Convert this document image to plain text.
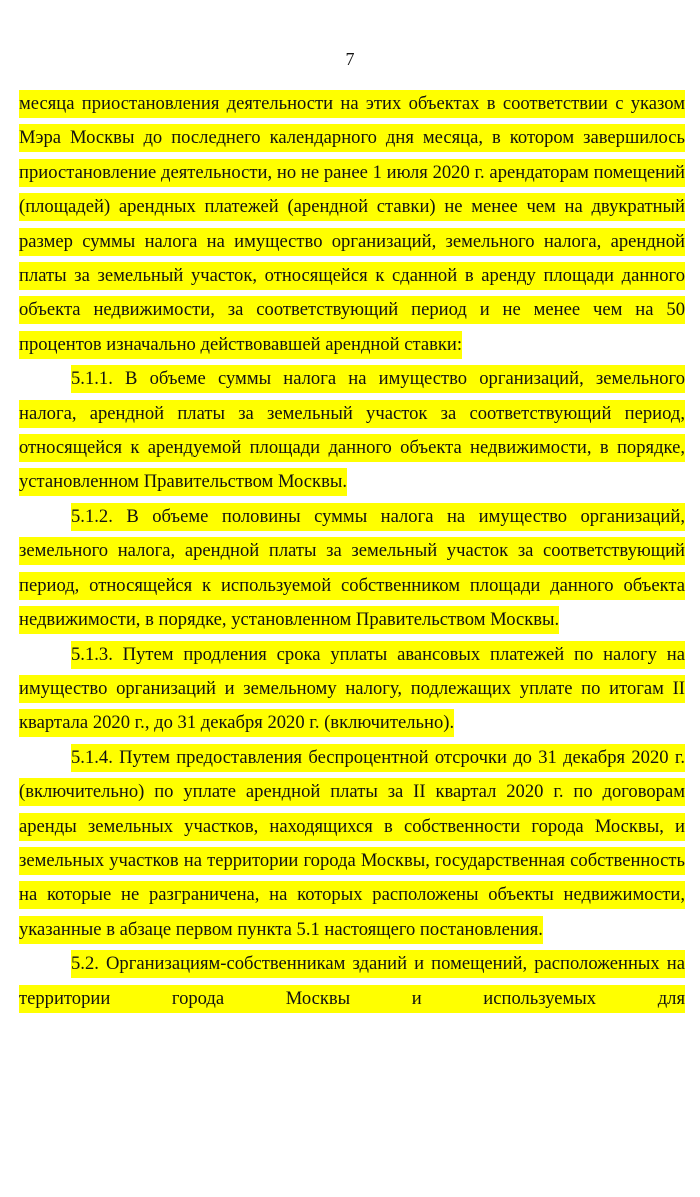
7

месяца приостановления деятельности на этих объектах в соответствии с указом Мэра Москвы до последнего календарного дня месяца, в котором завершилось приостановление деятельности, но не ранее 1 июля 2020 г. арендаторам помещений (площадей) арендных платежей (арендной ставки) не менее чем на двукратный размер суммы налога на имущество организаций, земельного налога, арендной платы за земельный участок, относящейся к сданной в аренду площади данного объекта недвижимости, за соответствующий период и не менее чем на 50 процентов изначально действовавшей арендной ставки:

5.1.1. В объеме суммы налога на имущество организаций, земельного налога, арендной платы за земельный участок за соответствующий период, относящейся к арендуемой площади данного объекта недвижимости, в порядке, установленном Правительством Москвы.

5.1.2. В объеме половины суммы налога на имущество организаций, земельного налога, арендной платы за земельный участок за соответствующий период, относящейся к используемой собственником площади данного объекта недвижимости, в порядке, установленном Правительством Москвы.

5.1.3. Путем продления срока уплаты авансовых платежей по налогу на имущество организаций и земельному налогу, подлежащих уплате по итогам II квартала 2020 г., до 31 декабря 2020 г. (включительно).

5.1.4. Путем предоставления беспроцентной отсрочки до 31 декабря 2020 г. (включительно) по уплате арендной платы за II квартал 2020 г. по договорам аренды земельных участков, находящихся в собственности города Москвы, и земельных участков на территории города Москвы, государственная собственность на которые не разграничена, на которых расположены объекты недвижимости, указанные в абзаце первом пункта 5.1 настоящего постановления.

5.2. Организациям-собственникам зданий и помещений, расположенных на территории города Москвы и используемых для
